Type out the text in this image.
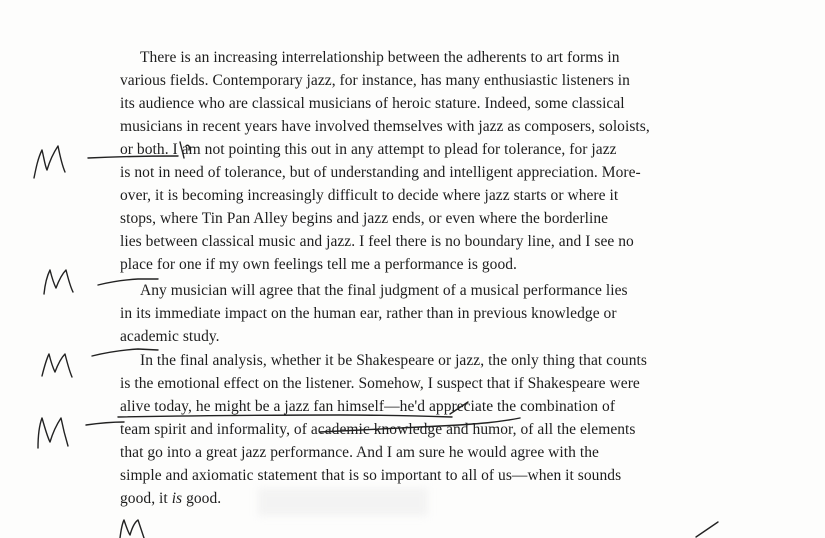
There is an increasing interrelationship between the adherents to art forms in
various fields. Contemporary jazz, for instance, has many enthusiastic listeners in
its audience who are classical musicians of heroic stature. Indeed, some classical
musicians in recent years have involved themselves with jazz as composers, soloists,
or both. I am not pointing this out in any attempt to plead for tolerance, for jazz
is not in need of tolerance, but of understanding and intelligent appreciation. More-
over, it is becoming increasingly difficult to decide where jazz starts or where it
stops, where Tin Pan Alley begins and jazz ends, or even where the borderline
lies between classical music and jazz. I feel there is no boundary line, and I see no
place for one if my own feelings tell me a performance is good.
Any musician will agree that the final judgment of a musical performance lies
in its immediate impact on the human ear, rather than in previous knowledge or
academic study.
In the final analysis, whether it be Shakespeare or jazz, the only thing that counts
is the emotional effect on the listener. Somehow, I suspect that if Shakespeare were
alive today, he might be a jazz fan himself—he'd appreciate the combination of
team spirit and informality, of academic knowledge and humor, of all the elements
that go into a great jazz performance. And I am sure he would agree with the
simple and axiomatic statement that is so important to all of us—when it sounds
good, it is good.
